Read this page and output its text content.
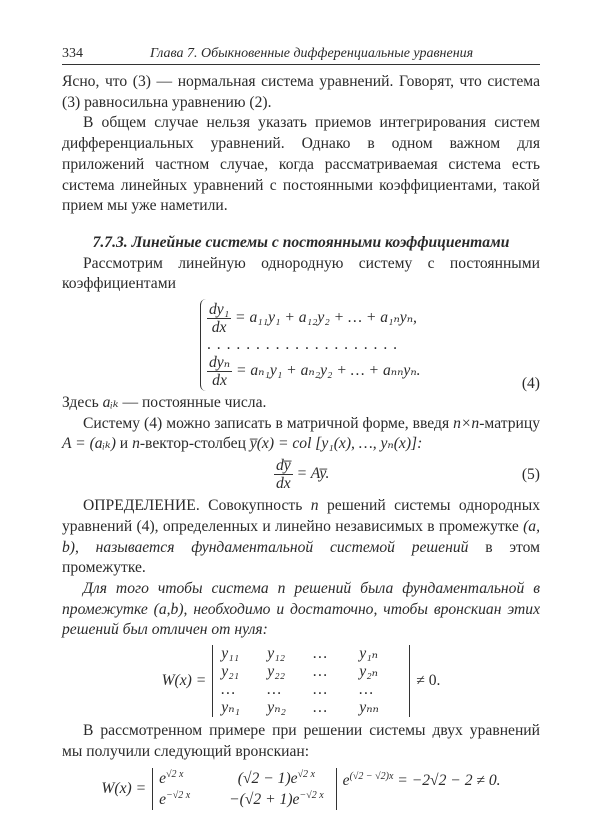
334	Глава 7. Обыкновенные дифференциальные уравнения
Ясно, что (3) — нормальная система уравнений. Говорят, что система (3) равносильна уравнению (2).
В общем случае нельзя указать приемов интегрирования систем дифференциальных уравнений. Однако в одном важном для приложений частном случае, когда рассматриваемая система есть система линейных уравнений с постоянными коэффициентами, такой прием мы уже наметили.
7.7.3. Линейные системы с постоянными коэффициентами
Рассмотрим линейную однородную систему с постоянными коэффициентами
$\frac{\text{dy₁}}{dx} = a_{11}y_1 + a_{12}y_2$ + … + a₁ₙyₙ,
. . . . . . . . . . . . . . . . . . . .
$\frac{\text{dyₙ}}{dx} = a_{n1}y_1 + a_{n2}y_2$ + … + aₙₙyₙ.
(4)
Здесь aᵢₖ — постоянные числа.
Систему (4) можно записать в матричной форме, введя n×n-матрицу A = (aᵢₖ) и n-вектор-столбец y̅(x) = col [y₁(x), …, yₙ(x)]:
$\frac{dy̅}{dx}$ = Ay̅.	(5)
ОПРЕДЕЛЕНИЕ. Совокупность n решений системы однородных уравнений (4), определенных и линейно независимых в промежутке (a, b), называется фундаментальной системой решений в этом промежутке.
Для того чтобы система n решений была фундаментальной в промежутке (a,b), необходимо и достаточно, чтобы вронскиан этих решений был отличен от нуля:
W(x) =
y₁₁	y₁₂	…	y₁ₙ
y₂₁	y₂₂	…	y₂ₙ
…	…	…	…
yₙ₁	yₙ₂	…	yₙₙ
≠ 0.
В рассмотренном примере при решении системы двух уравнений мы получили следующий вронскиан:
W(x) =
$e^{√2 x}$	$(√2 - 1)e^{√2 x}$
$e^{-√2 x}$	$-(√2 + 1)e^{-√2 x}$
$e^{(√2 - √2)x} = -2√2 - 2 \ne 0$.
